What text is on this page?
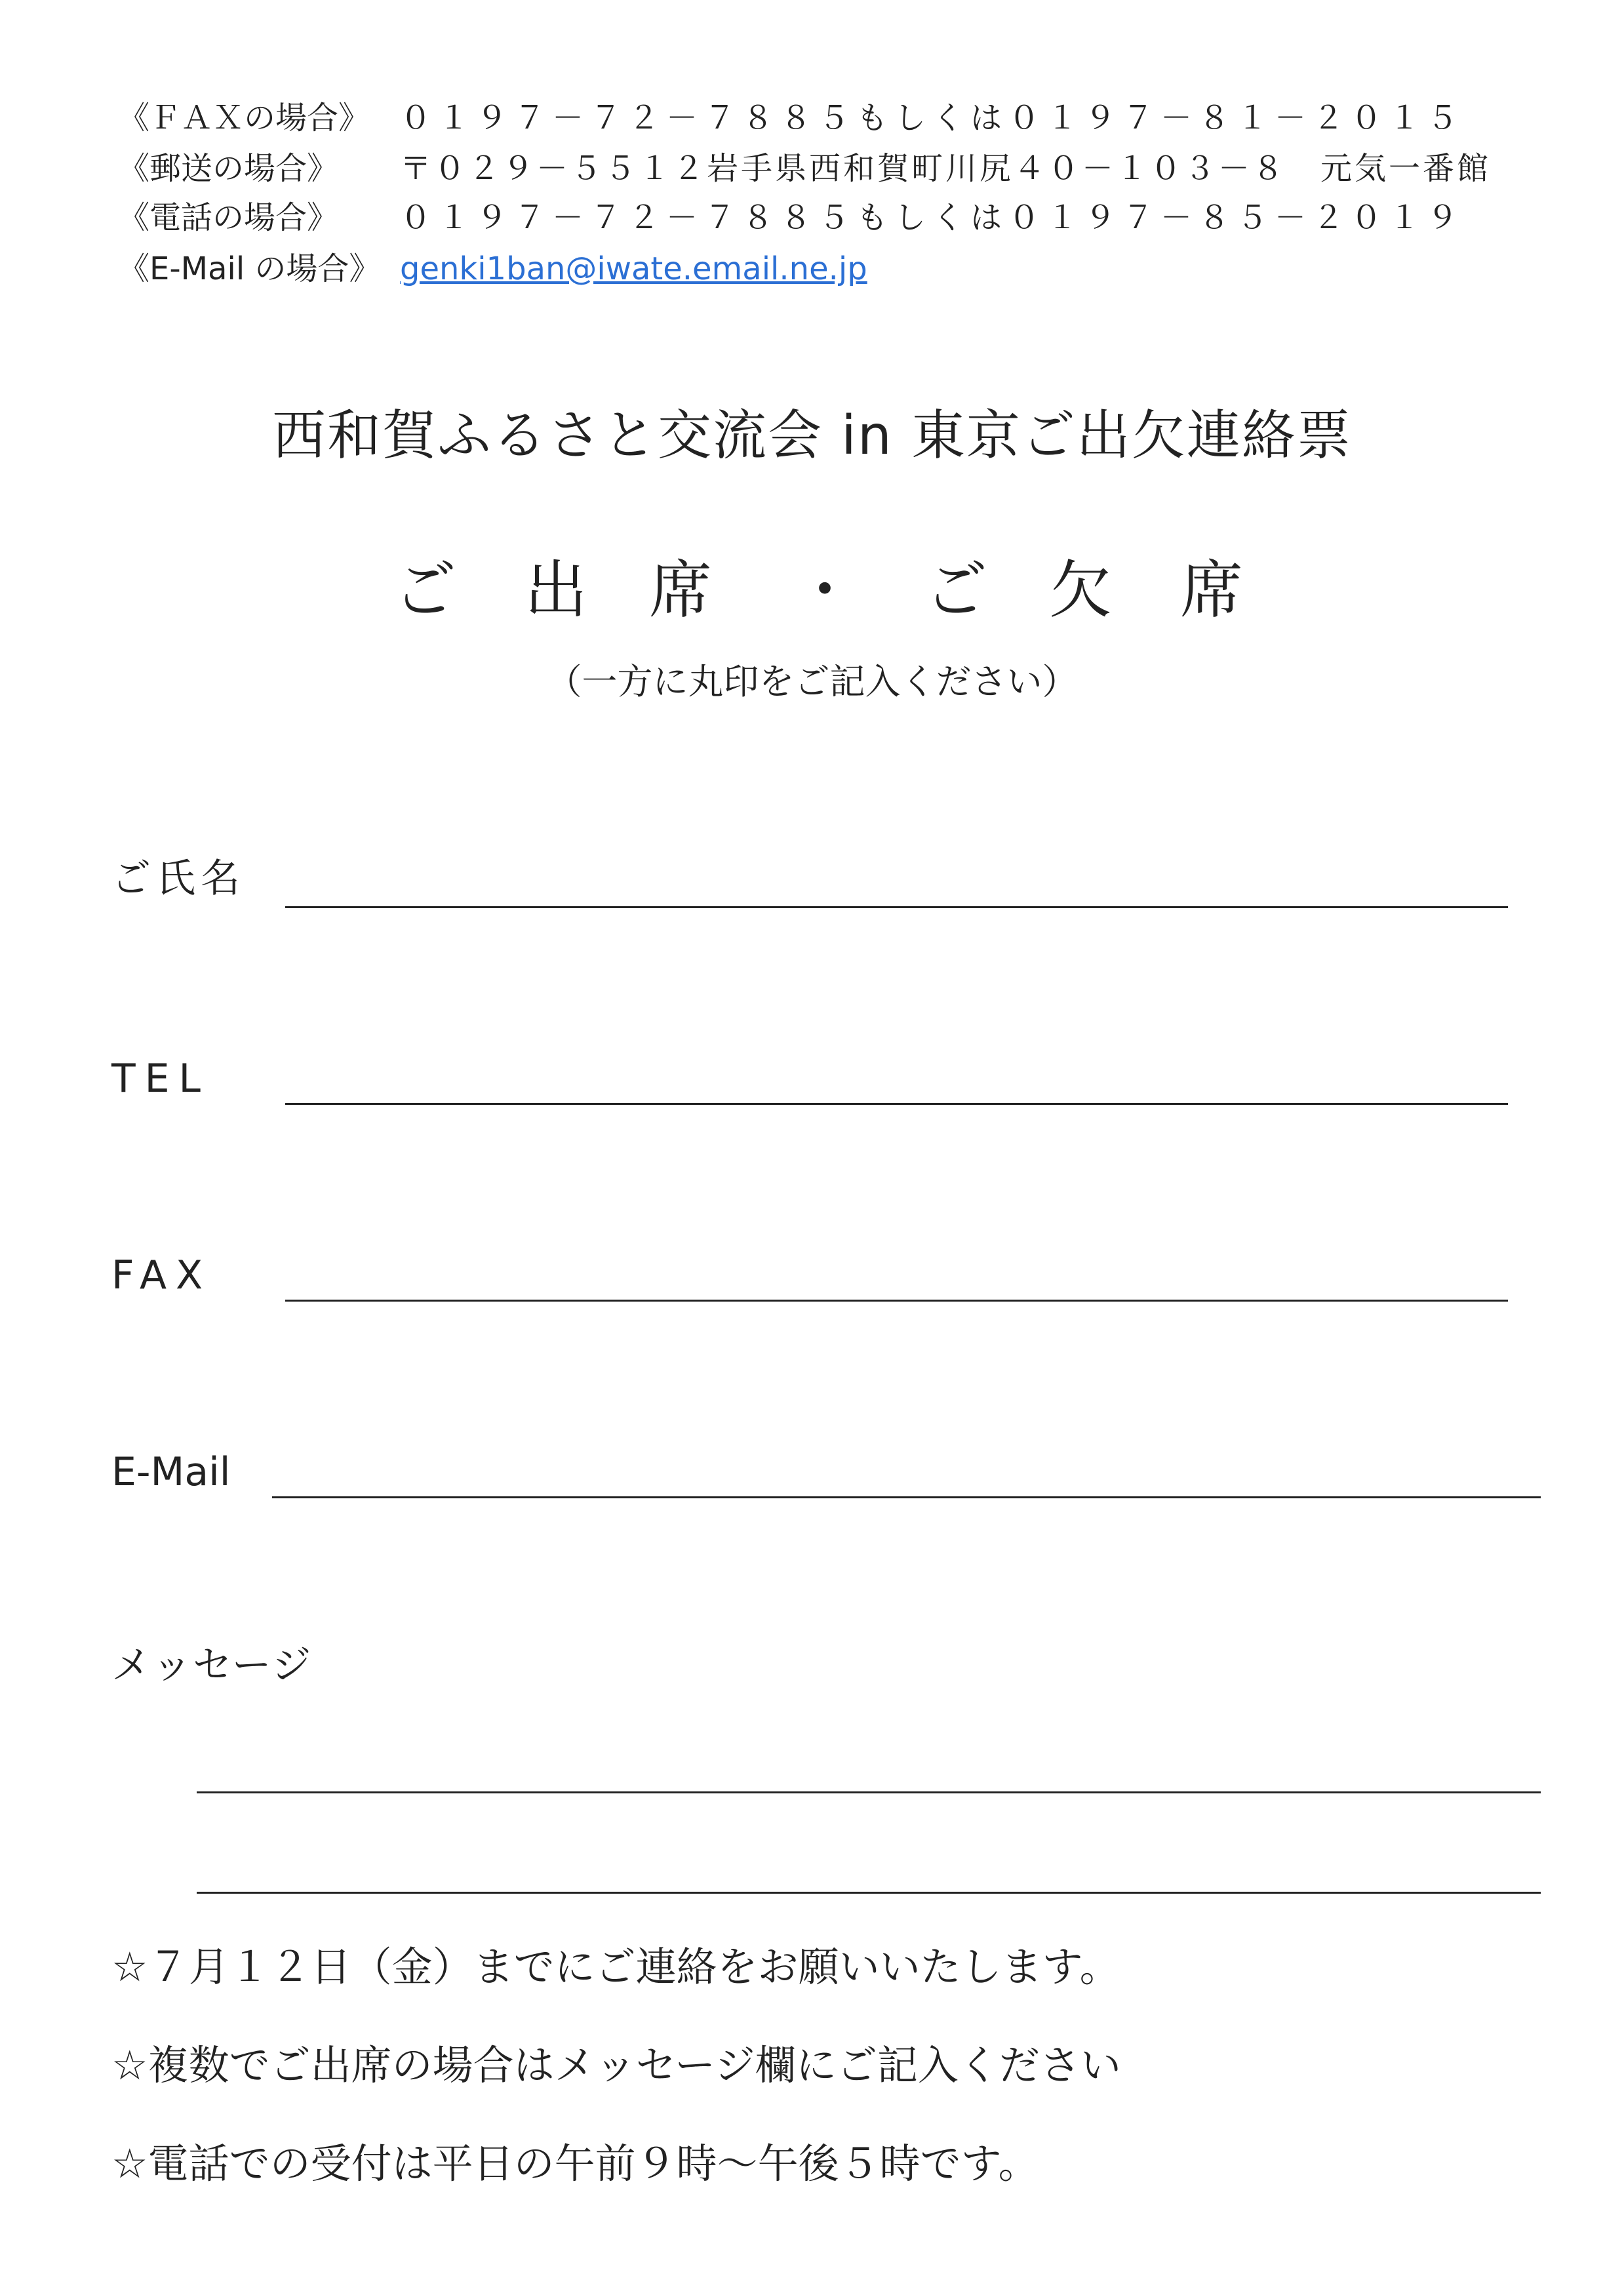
《ＦＡＸの場合》 ０１９７－７２－７８８５もしくは０１９７－８１－２０１５
《郵送の場合》 〒０２９－５５１２岩手県西和賀町川尻４０－１０３－８　元気一番館
《電話の場合》 ０１９７－７２－７８８５もしくは０１９７－８５－２０１９
《E-Mail の場合》 genki1ban@iwate.email.ne.jp
西和賀ふるさと交流会 in 東京ご出欠連絡票
ご 出 席 ・ ご 欠 席
（一方に丸印をご記入ください）
ご氏名
TEL
FAX
E-Mail
メッセージ
☆７月１２日（金）までにご連絡をお願いいたします。
☆複数でご出席の場合はメッセージ欄にご記入ください
☆電話での受付は平日の午前９時～午後５時です。
